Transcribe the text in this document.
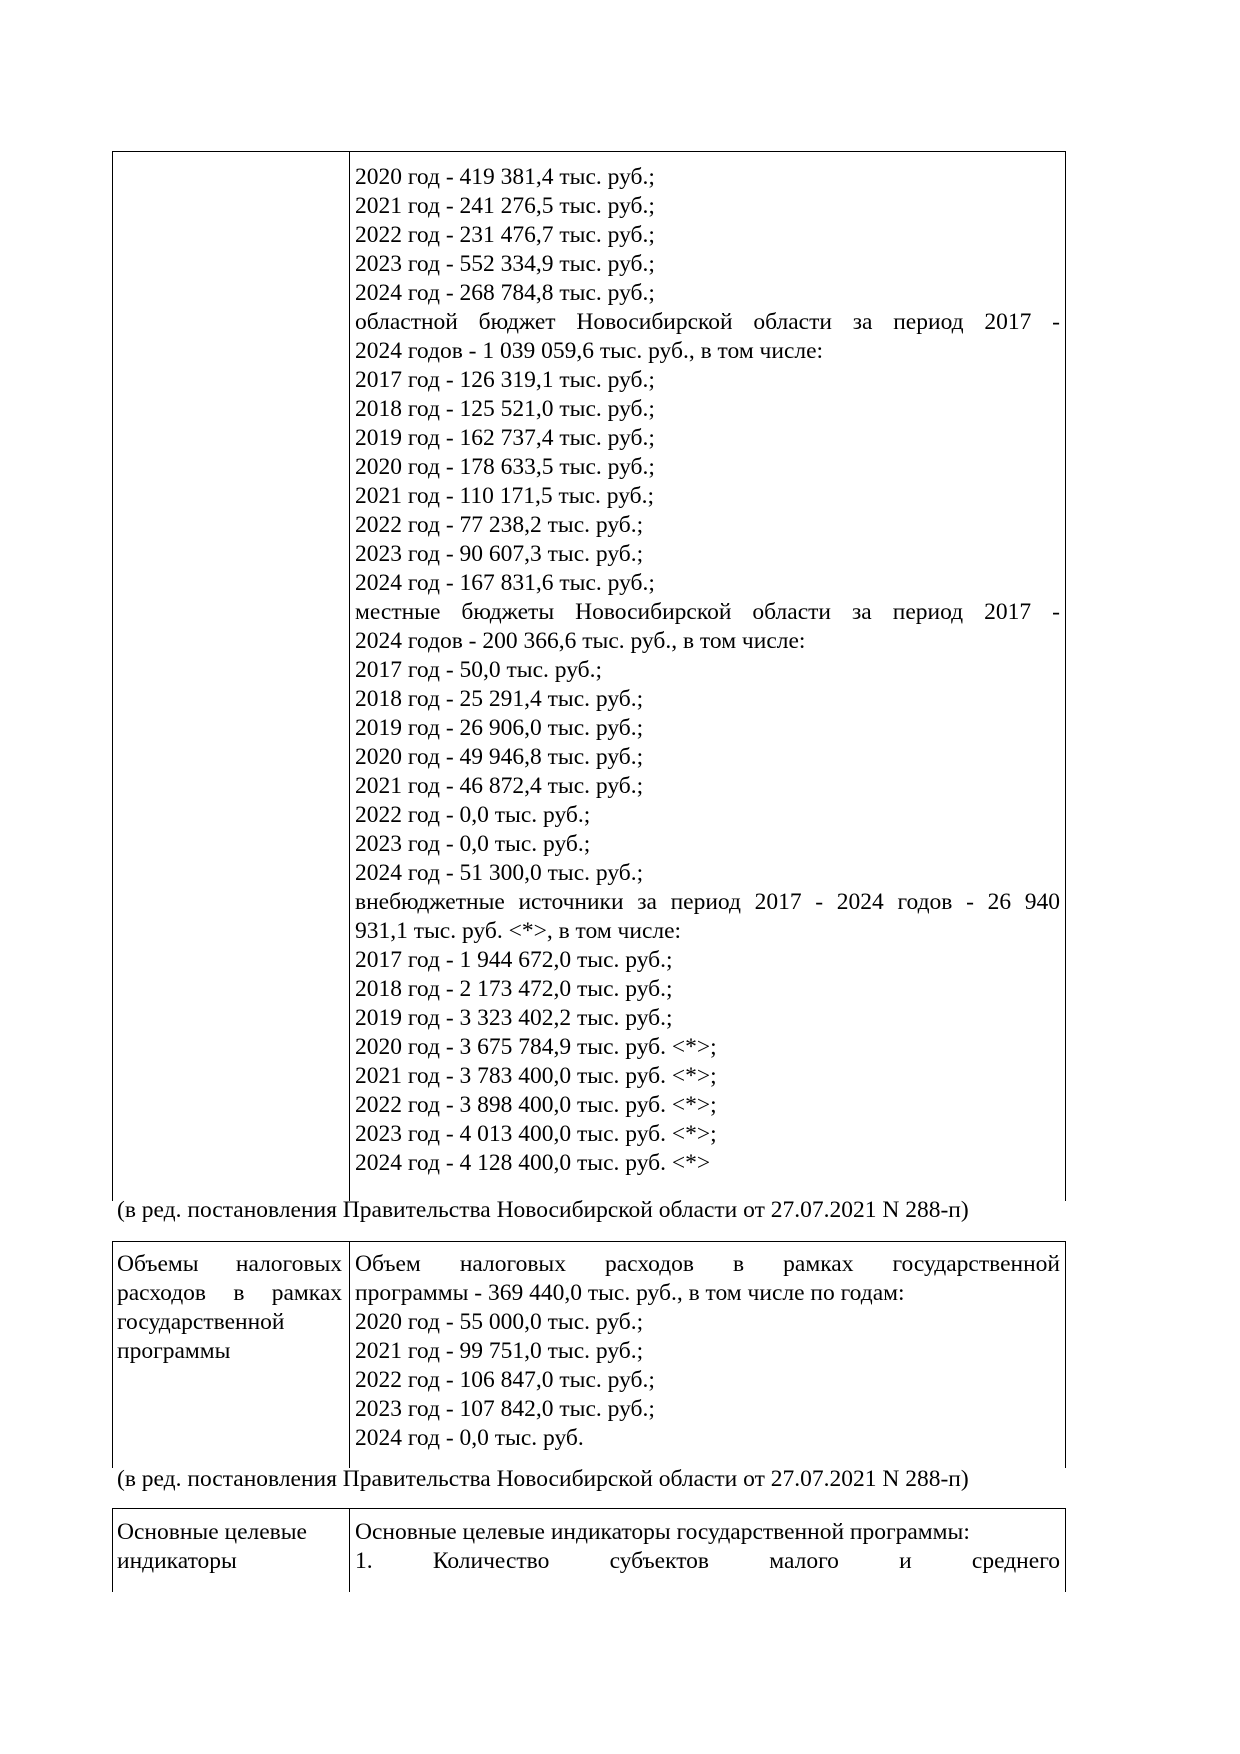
2020 год - 419 381,4 тыс. руб.;
2021 год - 241 276,5 тыс. руб.;
2022 год - 231 476,7 тыс. руб.;
2023 год - 552 334,9 тыс. руб.;
2024 год - 268 784,8 тыс. руб.;
областной бюджет Новосибирской области за период 2017 -
2024 годов - 1 039 059,6 тыс. руб., в том числе:
2017 год - 126 319,1 тыс. руб.;
2018 год - 125 521,0 тыс. руб.;
2019 год - 162 737,4 тыс. руб.;
2020 год - 178 633,5 тыс. руб.;
2021 год - 110 171,5 тыс. руб.;
2022 год - 77 238,2 тыс. руб.;
2023 год - 90 607,3 тыс. руб.;
2024 год - 167 831,6 тыс. руб.;
местные бюджеты Новосибирской области за период 2017 -
2024 годов - 200 366,6 тыс. руб., в том числе:
2017 год - 50,0 тыс. руб.;
2018 год - 25 291,4 тыс. руб.;
2019 год - 26 906,0 тыс. руб.;
2020 год - 49 946,8 тыс. руб.;
2021 год - 46 872,4 тыс. руб.;
2022 год - 0,0 тыс. руб.;
2023 год - 0,0 тыс. руб.;
2024 год - 51 300,0 тыс. руб.;
внебюджетные источники за период 2017 - 2024 годов - 26 940
931,1 тыс. руб. <*>, в том числе:
2017 год - 1 944 672,0 тыс. руб.;
2018 год - 2 173 472,0 тыс. руб.;
2019 год - 3 323 402,2 тыс. руб.;
2020 год - 3 675 784,9 тыс. руб. <*>;
2021 год - 3 783 400,0 тыс. руб. <*>;
2022 год - 3 898 400,0 тыс. руб. <*>;
2023 год - 4 013 400,0 тыс. руб. <*>;
2024 год - 4 128 400,0 тыс. руб. <*>
(в ред. постановления Правительства Новосибирской области от 27.07.2021 N 288-п)
Объемы налоговых
расходов в рамках
государственной
программы
Объем налоговых расходов в рамках государственной
программы - 369 440,0 тыс. руб., в том числе по годам:
2020 год - 55 000,0 тыс. руб.;
2021 год - 99 751,0 тыс. руб.;
2022 год - 106 847,0 тыс. руб.;
2023 год - 107 842,0 тыс. руб.;
2024 год - 0,0 тыс. руб.
(в ред. постановления Правительства Новосибирской области от 27.07.2021 N 288-п)
Основные целевые
индикаторы
Основные целевые индикаторы государственной программы:
1. Количество субъектов малого и среднего
